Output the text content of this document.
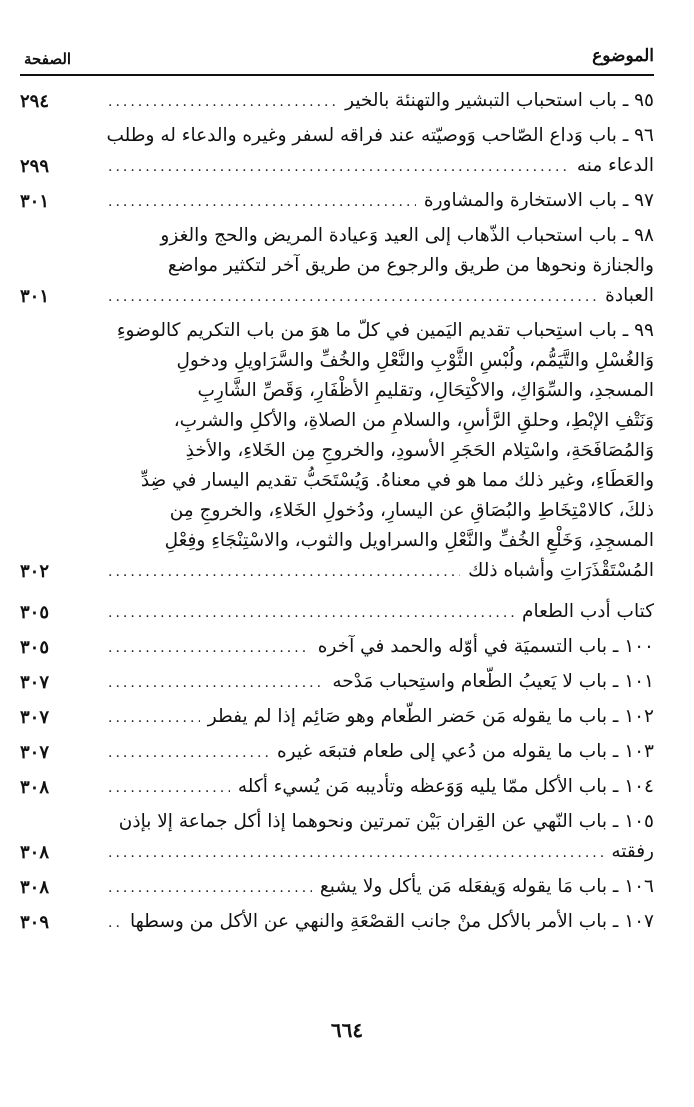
الموضوع
الصفحة
٩٥ ـ باب استحباب التبشير والتهنئة بالخير
.....
٢٩٤
٩٦ ـ باب وَداع الصّاحب وَوصيّته عند فراقه لسفر وغيره والدعاء له وطلب
الدعاء منه
.....
٢٩٩
٩٧ ـ باب الاستخارة والمشاورة
.....
٣٠١
٩٨ ـ باب استحباب الذّهاب إلى العيد وَعيادة المريض والحج والغزو
والجنازة ونحوها من طريق والرجوع من طريق آخر لتكثير مواضع
العبادة
.....
٣٠١
٩٩ ـ باب استِحباب تقديم اليَمين في كلّ ما هوَ من باب التكريم كالوضوءِ
وَالغُسْلِ والتَّيَمُّم، ولُبْسِ الثَّوْبِ والنَّعْلِ والخُفِّ والسَّرَاويلِ ودخولِ
المسجدِ، والسِّوَاكِ، والاكْتِحَالِ، وتقليمِ الأظْفَارِ، وَقَصِّ الشَّارِبِ
وَنَتْفِ الإبْطِ، وحلقِ الرَّأسِ، والسلامِ من الصلاةِ، والأكلِ والشربِ،
وَالمُصَافَحَةِ، واسْتِلام الحَجَرِ الأسودِ، والخروجِ مِن الخَلاءِ، والأخذِ
والعَطَاءِ، وغير ذلك مما هو في معناهُ. وَيُسْتَحَبُّ تقديم اليسار في ضِدِّ
ذلكَ، كالامْتِخَاطِ والبُصَاقِ عن اليسارِ، ودُخولِ الخَلاءِ، والخروجِ مِن
المسجِدِ، وَخَلْعِ الخُفِّ والنَّعْلِ والسراويل والثوب، والاسْتِنْجَاءِ وفِعْلِ
المُسْتَقْذَرَاتِ وأشباه ذلك
.....
٣٠٢
كتاب أدب الطعام
.....
٣٠٥
١٠٠ ـ باب التسميَة في أوّله والحمد في آخره
.....
٣٠٥
١٠١ ـ باب لا يَعيبُ الطّعام واستِحباب مَدْحه
.....
٣٠٧
١٠٢ ـ باب ما يقوله مَن حَضر الطّعام وهو صَائِم إذا لم يفطر
.....
٣٠٧
١٠٣ ـ باب ما يقوله من دُعي إلى طعام فتبعَه غيره
.....
٣٠٧
١٠٤ ـ باب الأكل ممّا يليه وَوَعظه وتأديبه مَن يُسيء أكله
.....
٣٠٨
١٠٥ ـ باب النّهي عن القِران بَيْن تمرتين ونحوهما إذا أكل جماعة إلا بإذن
رفقته
.....
٣٠٨
١٠٦ ـ باب مَا يقوله وَيفعَله مَن يأكل ولا يشبع
.....
٣٠٨
١٠٧ ـ باب الأمر بالأكل منْ جانب القصْعَةِ والنهي عن الأكل من وسطها
.....
٣٠٩
٦٦٤
